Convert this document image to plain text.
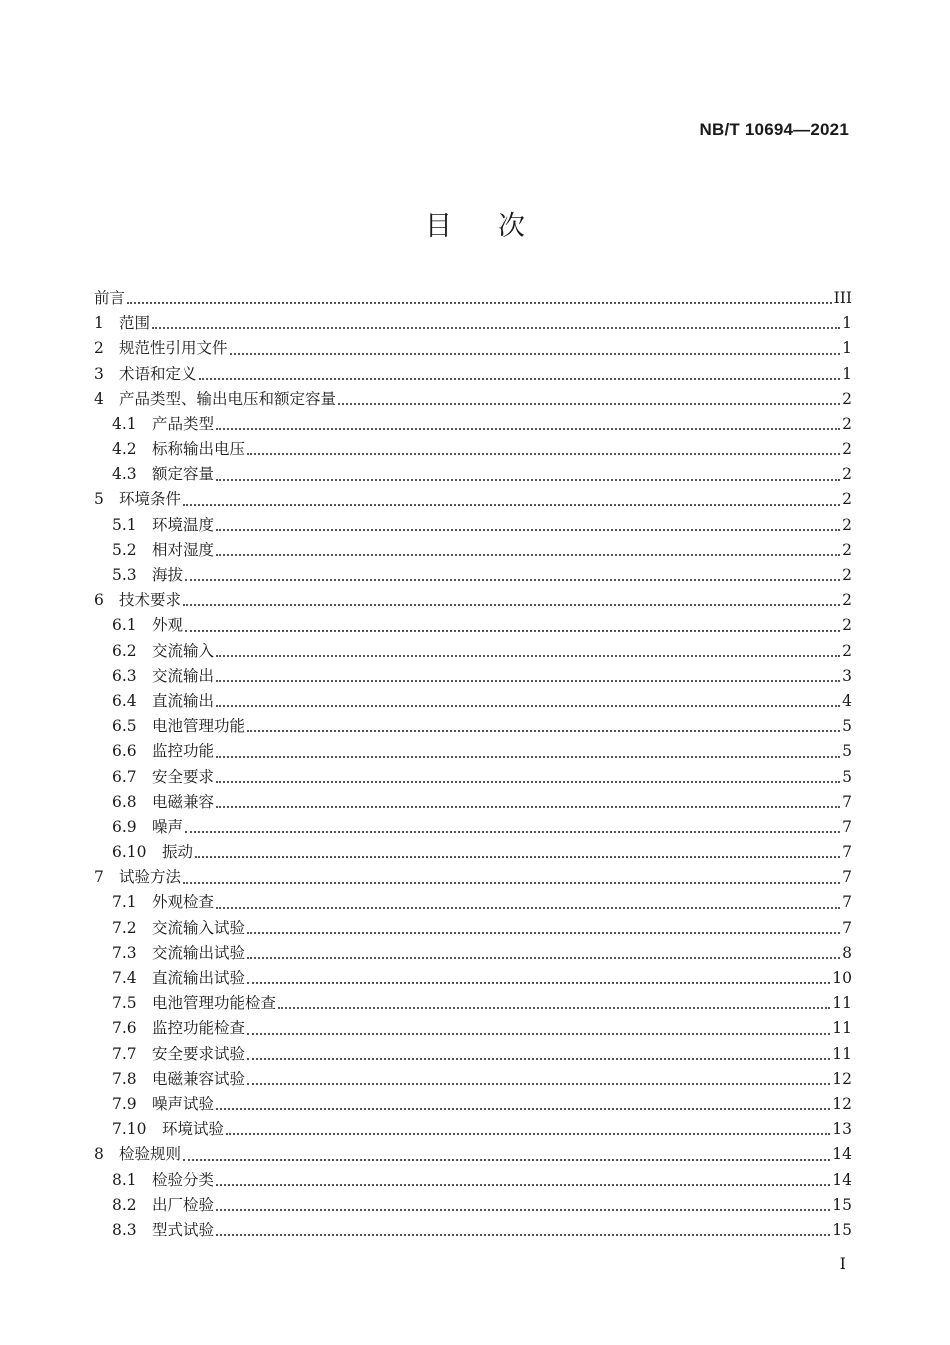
NB/T 10694—2021
目次
前言	III
1 范围	1
2 规范性引用文件	1
3 术语和定义	1
4 产品类型、输出电压和额定容量	2
4.1 产品类型	2
4.2 标称输出电压	2
4.3 额定容量	2
5 环境条件	2
5.1 环境温度	2
5.2 相对湿度	2
5.3 海拔	2
6 技术要求	2
6.1 外观	2
6.2 交流输入	2
6.3 交流输出	3
6.4 直流输出	4
6.5 电池管理功能	5
6.6 监控功能	5
6.7 安全要求	5
6.8 电磁兼容	7
6.9 噪声	7
6.10 振动	7
7 试验方法	7
7.1 外观检查	7
7.2 交流输入试验	7
7.3 交流输出试验	8
7.4 直流输出试验	10
7.5 电池管理功能检查	11
7.6 监控功能检查	11
7.7 安全要求试验	11
7.8 电磁兼容试验	12
7.9 噪声试验	12
7.10 环境试验	13
8 检验规则	14
8.1 检验分类	14
8.2 出厂检验	15
8.3 型式试验	15
I
